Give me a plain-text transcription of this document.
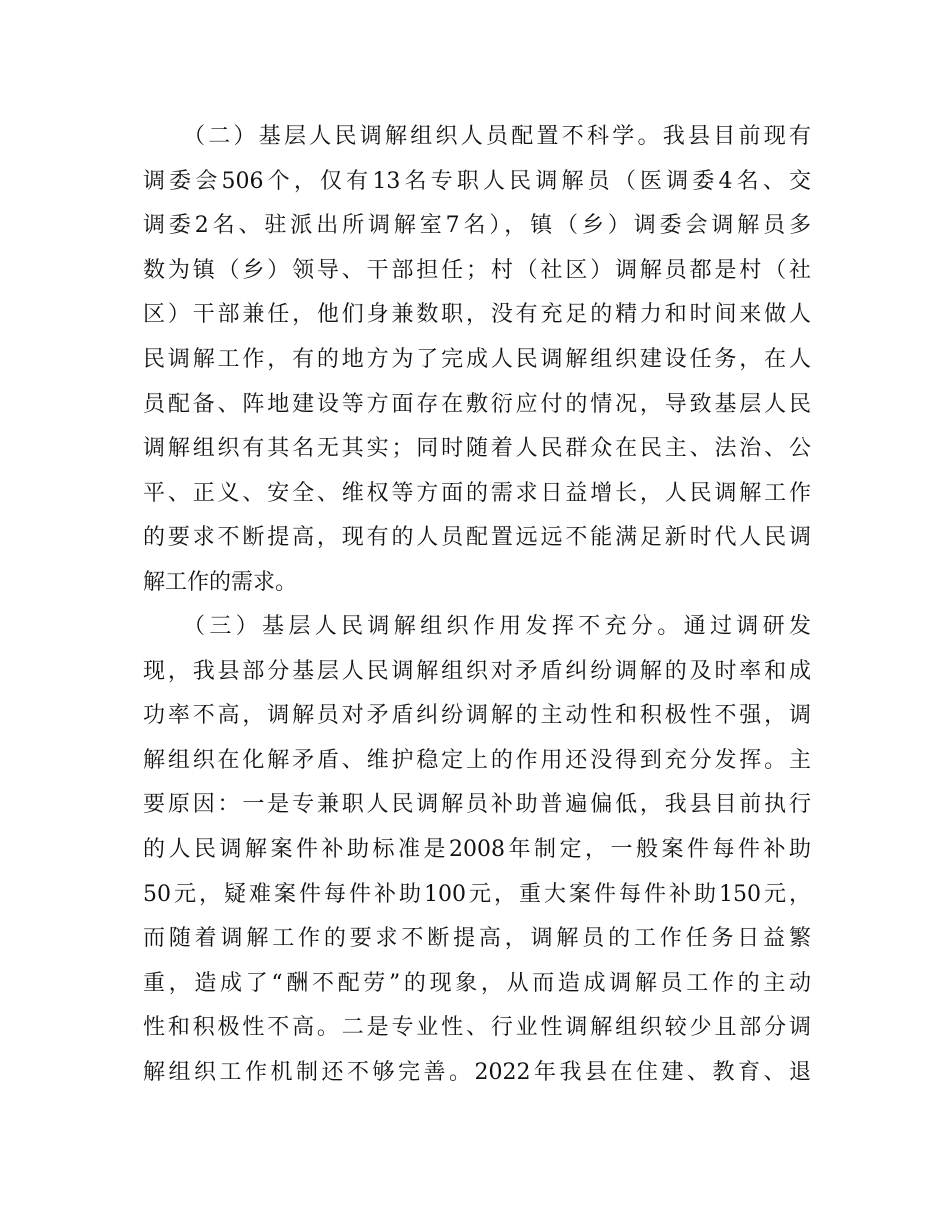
（二）基层人民调解组织人员配置不科学。我县目前现有
调委会506个，仅有13名专职人民调解员（医调委4名、交
调委2名、驻派出所调解室7名），镇（乡）调委会调解员多
数为镇（乡）领导、干部担任；村（社区）调解员都是村（社
区）干部兼任，他们身兼数职，没有充足的精力和时间来做人
民调解工作，有的地方为了完成人民调解组织建设任务，在人
员配备、阵地建设等方面存在敷衍应付的情况，导致基层人民
调解组织有其名无其实；同时随着人民群众在民主、法治、公
平、正义、安全、维权等方面的需求日益增长，人民调解工作
的要求不断提高，现有的人员配置远远不能满足新时代人民调
解工作的需求。
（三）基层人民调解组织作用发挥不充分。通过调研发
现，我县部分基层人民调解组织对矛盾纠纷调解的及时率和成
功率不高，调解员对矛盾纠纷调解的主动性和积极性不强，调
解组织在化解矛盾、维护稳定上的作用还没得到充分发挥。主
要原因：一是专兼职人民调解员补助普遍偏低，我县目前执行
的人民调解案件补助标准是2008年制定，一般案件每件补助
50元，疑难案件每件补助100元，重大案件每件补助150元，
而随着调解工作的要求不断提高，调解员的工作任务日益繁
重，造成了“酬不配劳”的现象，从而造成调解员工作的主动
性和积极性不高。二是专业性、行业性调解组织较少且部分调
解组织工作机制还不够完善。2022年我县在住建、教育、退
